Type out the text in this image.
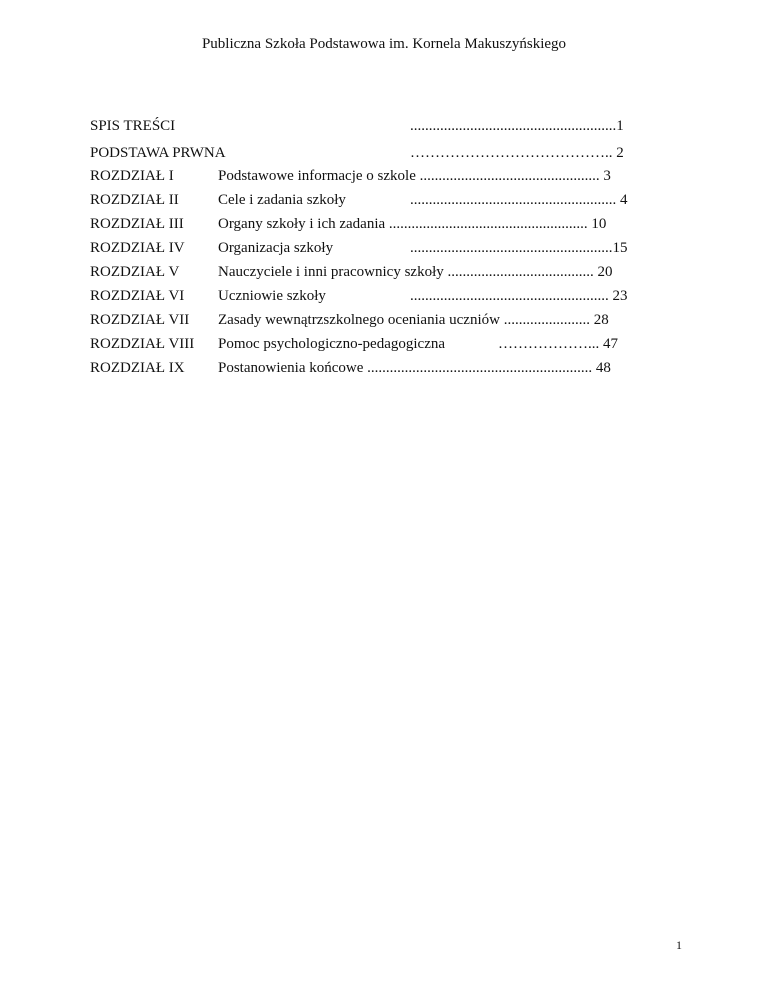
Publiczna Szkoła Podstawowa im. Kornela Makuszyńskiego
SPIS TREŚCI	.......................................................1
PODSTAWA PRWNA	………………………………….. 2
ROZDZIAŁ I	Podstawowe informacje o szkole ................................................ 3
ROZDZIAŁ II	Cele i zadania szkoły	....................................................... 4
ROZDZIAŁ III Organy szkoły i ich zadania ..................................................... 10
ROZDZIAŁ IV Organizacja szkoły	......................................................15
ROZDZIAŁ V	Nauczyciele i inni pracownicy szkoły ....................................... 20
ROZDZIAŁ VI Uczniowie szkoły	..................................................... 23
ROZDZIAŁ VII Zasady wewnątrzszkolnego oceniania uczniów ....................... 28
ROZDZIAŁ VIII Pomoc psychologiczno-pedagogiczna	………………... 47
ROZDZIAŁ IX Postanowienia końcowe ............................................................ 48
1
